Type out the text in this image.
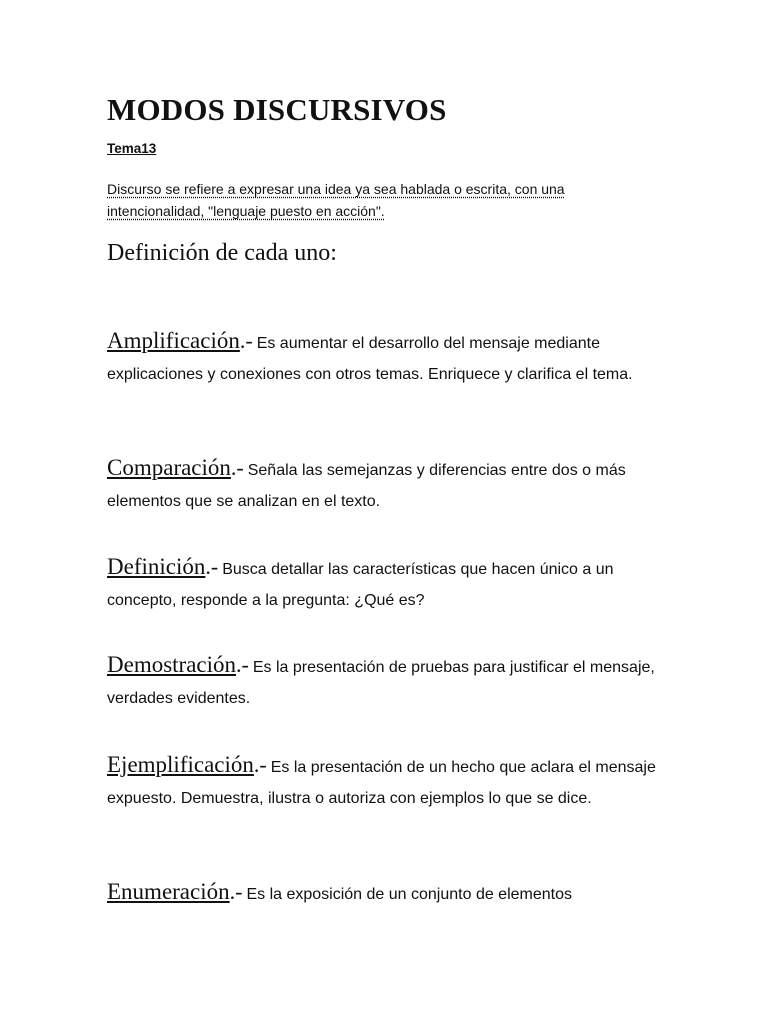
MODOS DISCURSIVOS
Tema13
Discurso se refiere a expresar una idea ya sea hablada o escrita, con una intencionalidad, "lenguaje puesto en acción".
Definición de cada uno:
Amplificación.- Es aumentar el desarrollo del mensaje mediante explicaciones y conexiones con otros temas. Enriquece y clarifica el tema.
Comparación.- Señala las semejanzas y diferencias entre dos o más elementos que se analizan en el texto.
Definición.- Busca detallar las características que hacen único a un concepto, responde a la pregunta: ¿Qué es?
Demostración.- Es la presentación de pruebas para justificar el mensaje, verdades evidentes.
Ejemplificación.- Es la presentación de un hecho que aclara el mensaje expuesto. Demuestra, ilustra o autoriza con ejemplos lo que se dice.
Enumeración.- Es la exposición de un conjunto de elementos
